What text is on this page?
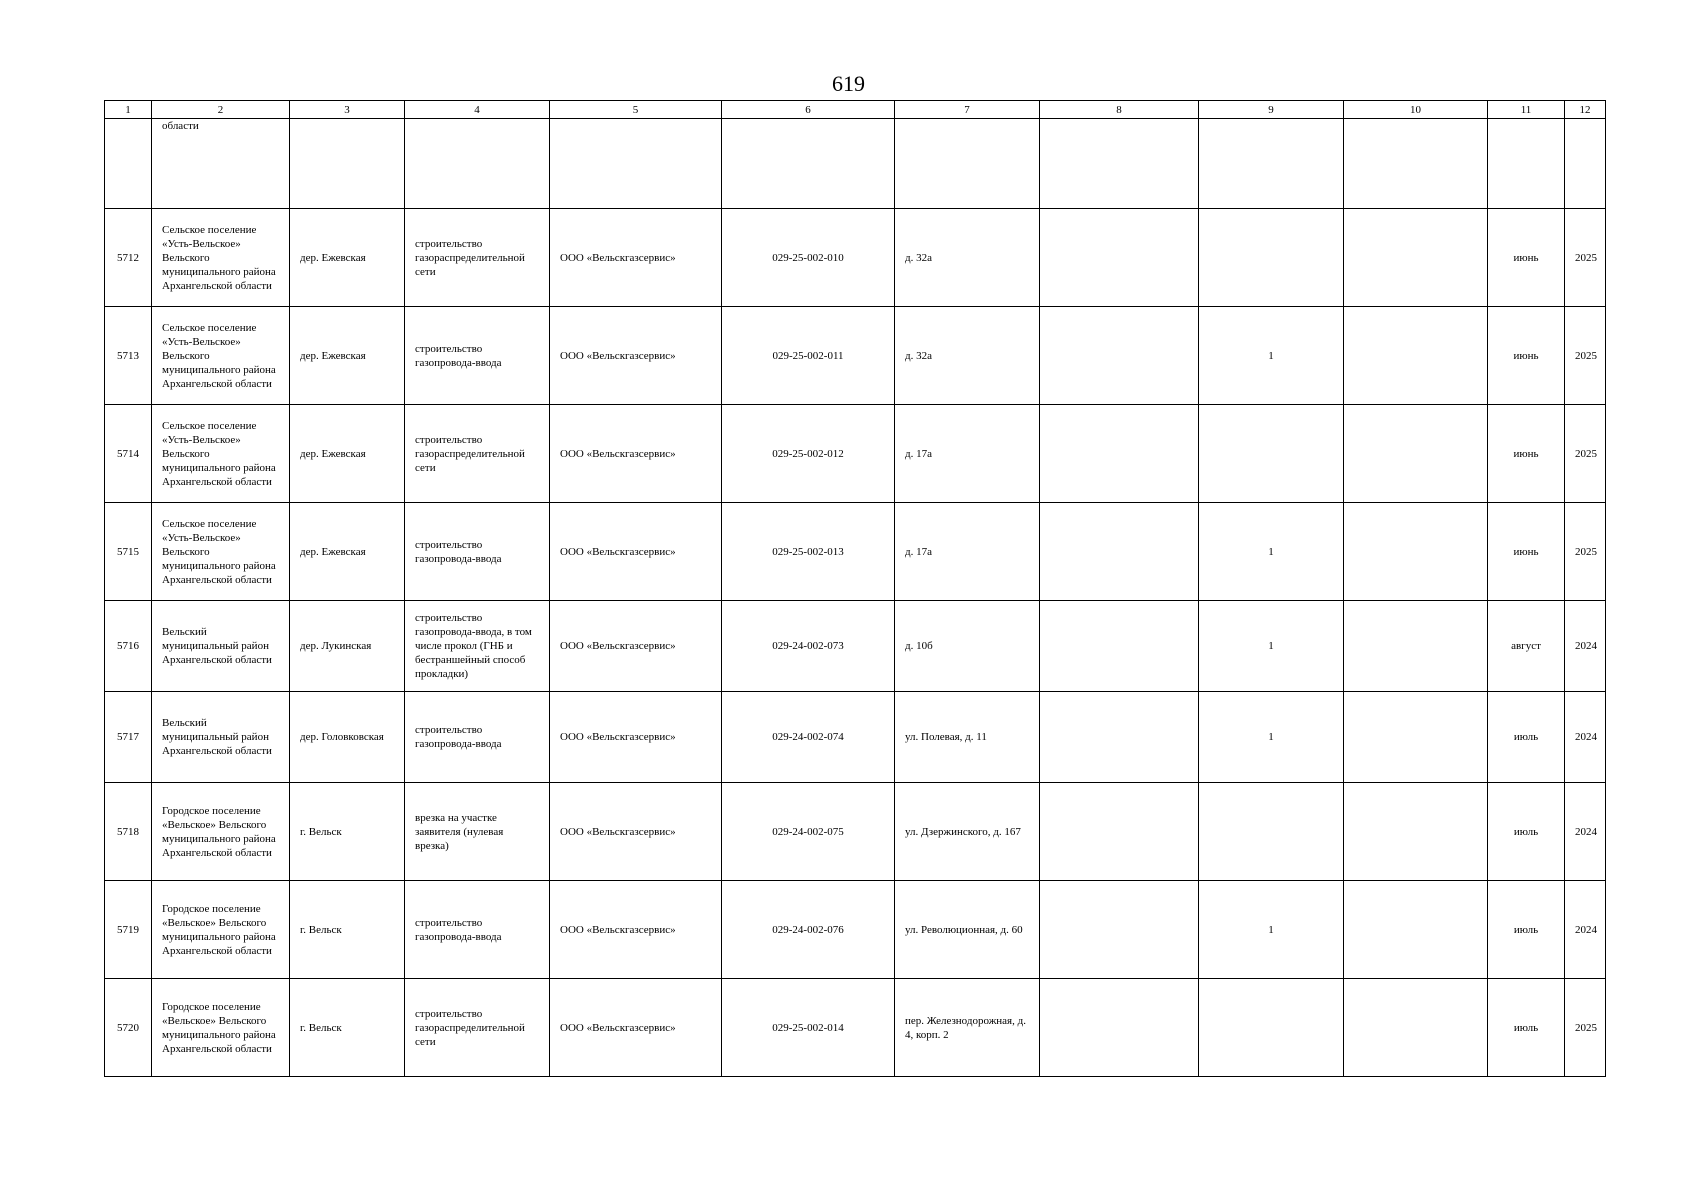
619
1	2	3	4	5	6	7	8	9	10	11	12
	области										
5712	Сельское поселение «Усть-Вельское» Вельского муниципального района Архангельской области	дер. Ежевская	строительство газораспределительной сети	ООО «Вельскгазсервис»	029-25-002-010	д. 32а				июнь	2025
5713	Сельское поселение «Усть-Вельское» Вельского муниципального района Архангельской области	дер. Ежевская	строительство газопровода-ввода	ООО «Вельскгазсервис»	029-25-002-011	д. 32а		1		июнь	2025
5714	Сельское поселение «Усть-Вельское» Вельского муниципального района Архангельской области	дер. Ежевская	строительство газораспределительной сети	ООО «Вельскгазсервис»	029-25-002-012	д. 17а				июнь	2025
5715	Сельское поселение «Усть-Вельское» Вельского муниципального района Архангельской области	дер. Ежевская	строительство газопровода-ввода	ООО «Вельскгазсервис»	029-25-002-013	д. 17а		1		июнь	2025
5716	Вельский муниципальный район Архангельской области	дер. Лукинская	строительство газопровода-ввода, в том числе прокол (ГНБ и бестраншейный способ прокладки)	ООО «Вельскгазсервис»	029-24-002-073	д. 10б		1		август	2024
5717	Вельский муниципальный район Архангельской области	дер. Головковская	строительство газопровода-ввода	ООО «Вельскгазсервис»	029-24-002-074	ул. Полевая, д. 11		1		июль	2024
5718	Городское поселение «Вельское» Вельского муниципального района Архангельской области	г. Вельск	врезка на участке заявителя (нулевая врезка)	ООО «Вельскгазсервис»	029-24-002-075	ул. Дзержинского, д. 167				июль	2024
5719	Городское поселение «Вельское» Вельского муниципального района Архангельской области	г. Вельск	строительство газопровода-ввода	ООО «Вельскгазсервис»	029-24-002-076	ул. Революционная, д. 60		1		июль	2024
5720	Городское поселение «Вельское» Вельского муниципального района Архангельской области	г. Вельск	строительство газораспределительной сети	ООО «Вельскгазсервис»	029-25-002-014	пер. Железнодорожная, д. 4, корп. 2				июль	2025
